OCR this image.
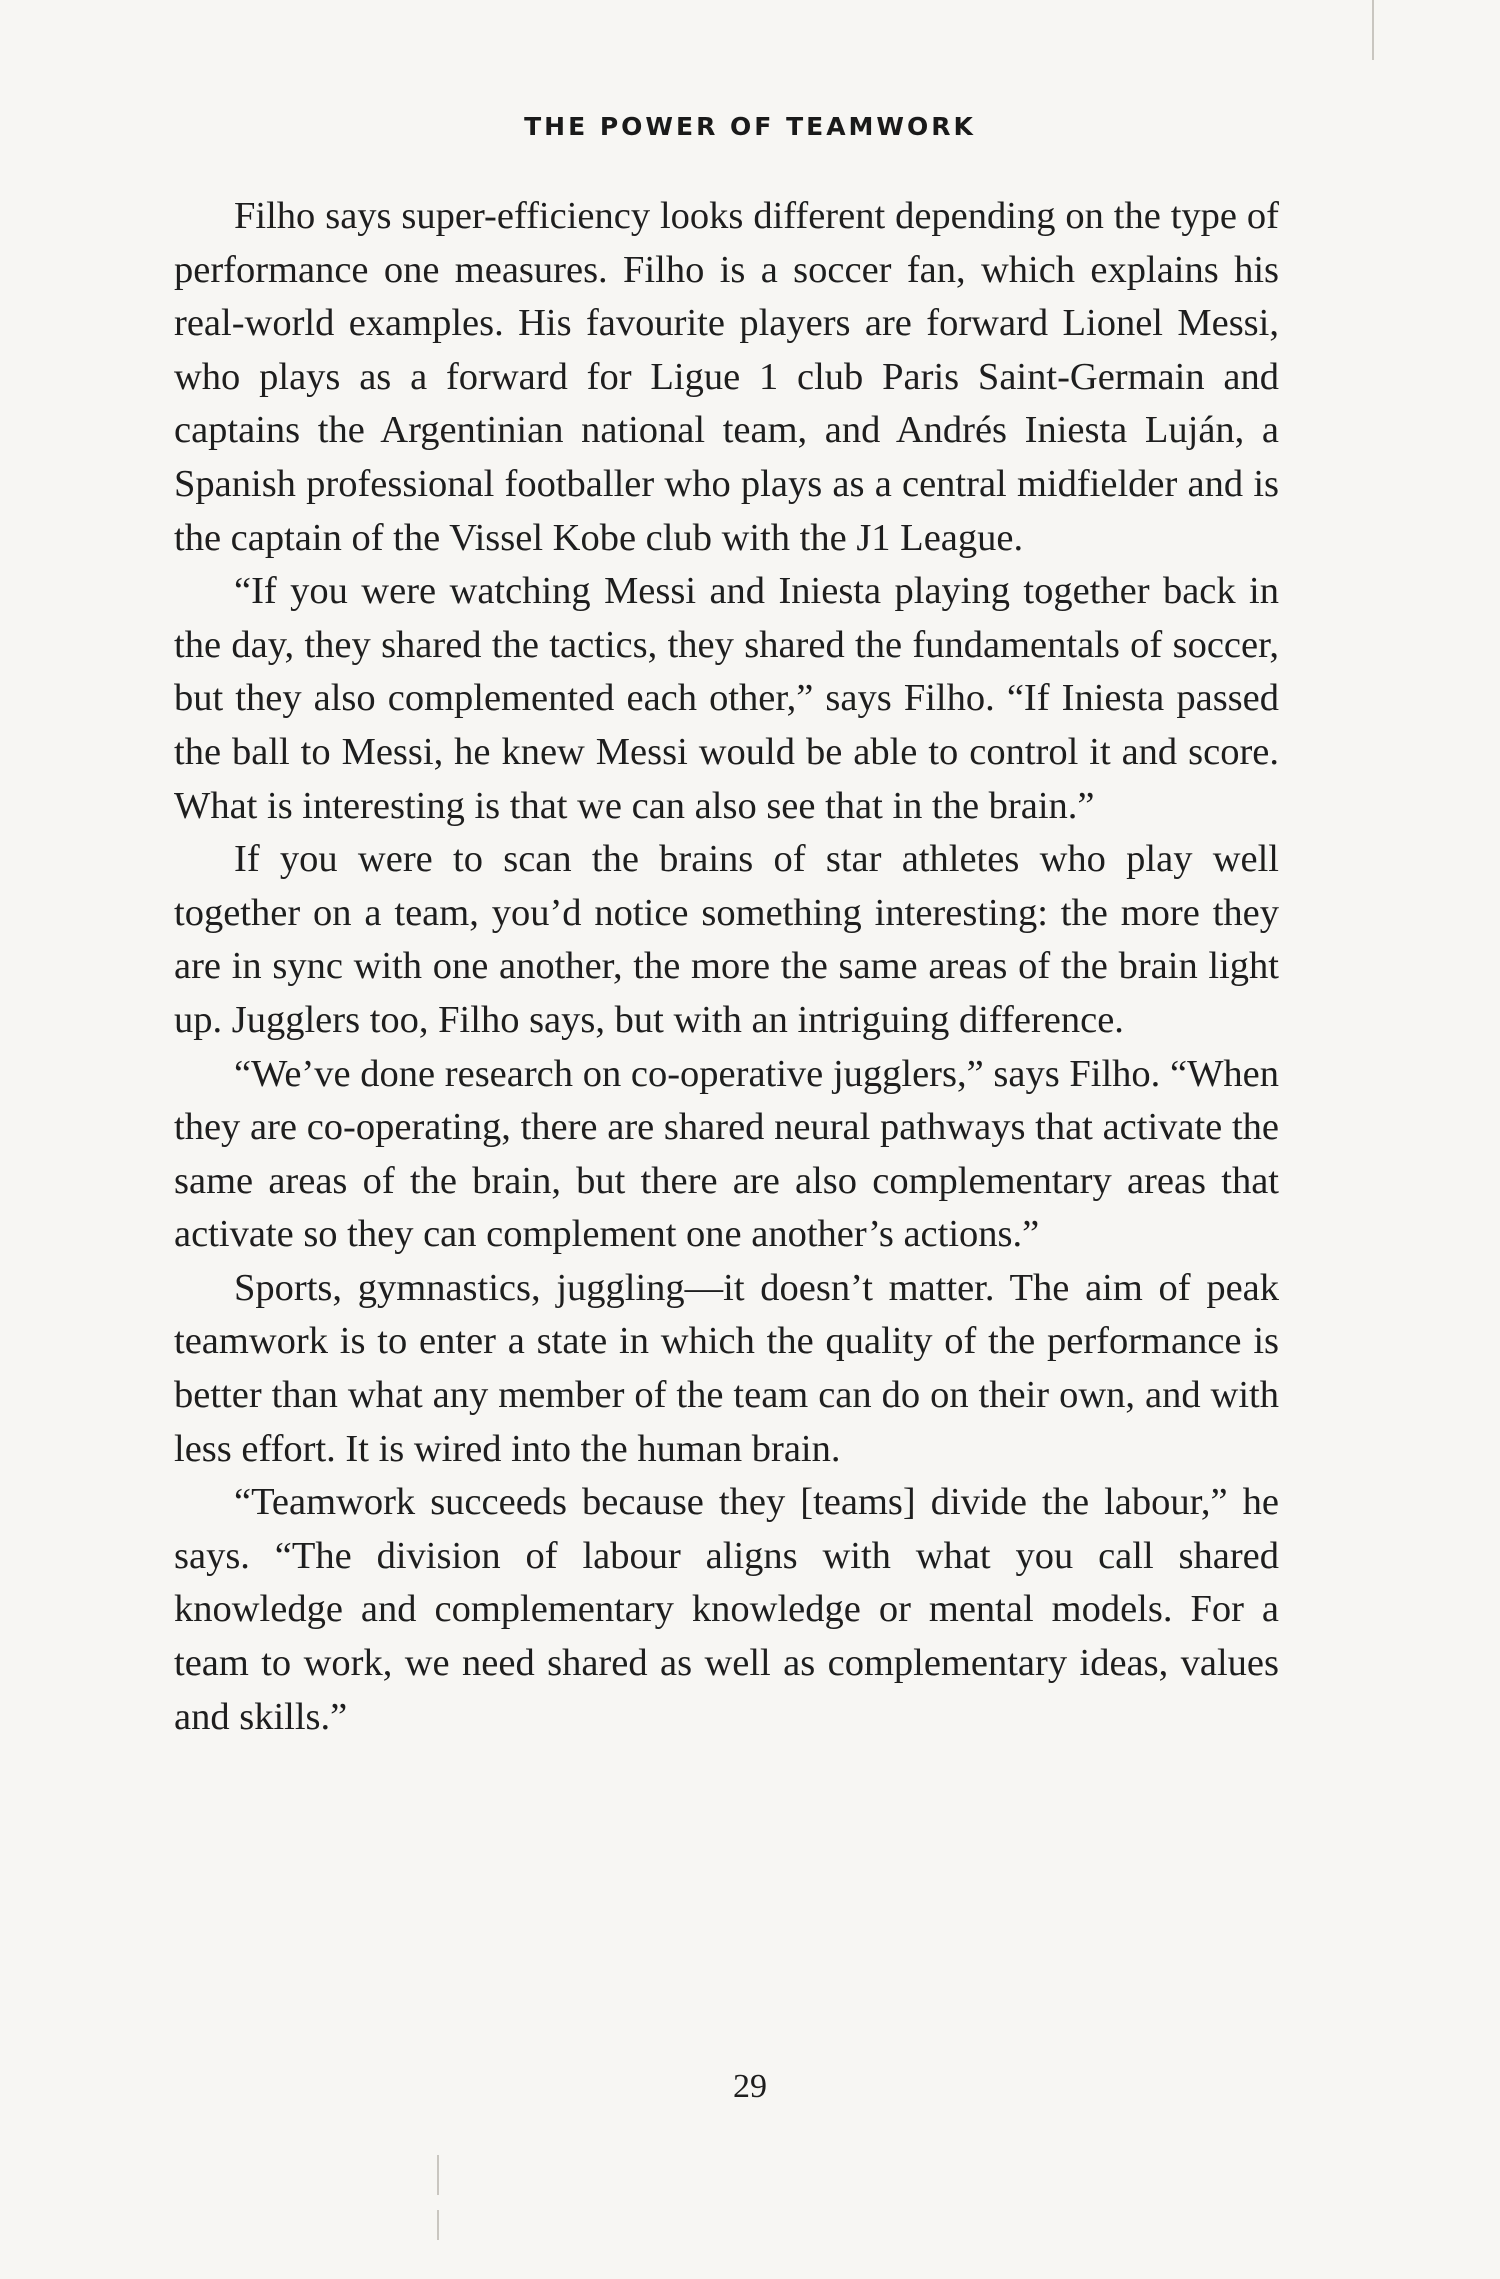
THE POWER OF TEAMWORK

Filho says super-efficiency looks different depending on the type of performance one measures. Filho is a soccer fan, which explains his real-world examples. His favourite players are forward Lionel Messi, who plays as a forward for Ligue 1 club Paris Saint-Germain and captains the Argentinian national team, and Andrés Iniesta Luján, a Spanish professional footballer who plays as a central midfielder and is the captain of the Vissel Kobe club with the J1 League.

“If you were watching Messi and Iniesta playing together back in the day, they shared the tactics, they shared the fundamentals of soccer, but they also complemented each other,” says Filho. “If Iniesta passed the ball to Messi, he knew Messi would be able to control it and score. What is interesting is that we can also see that in the brain.”

If you were to scan the brains of star athletes who play well together on a team, you’d notice something interesting: the more they are in sync with one another, the more the same areas of the brain light up. Jugglers too, Filho says, but with an intriguing difference.

“We’ve done research on co-operative jugglers,” says Filho. “When they are co-operating, there are shared neural pathways that activate the same areas of the brain, but there are also complementary areas that activate so they can complement one another’s actions.”

Sports, gymnastics, juggling—it doesn’t matter. The aim of peak teamwork is to enter a state in which the quality of the performance is better than what any member of the team can do on their own, and with less effort. It is wired into the human brain.

“Teamwork succeeds because they [teams] divide the labour,” he says. “The division of labour aligns with what you call shared knowledge and complementary knowledge or mental models. For a team to work, we need shared as well as complementary ideas, values and skills.”

29
